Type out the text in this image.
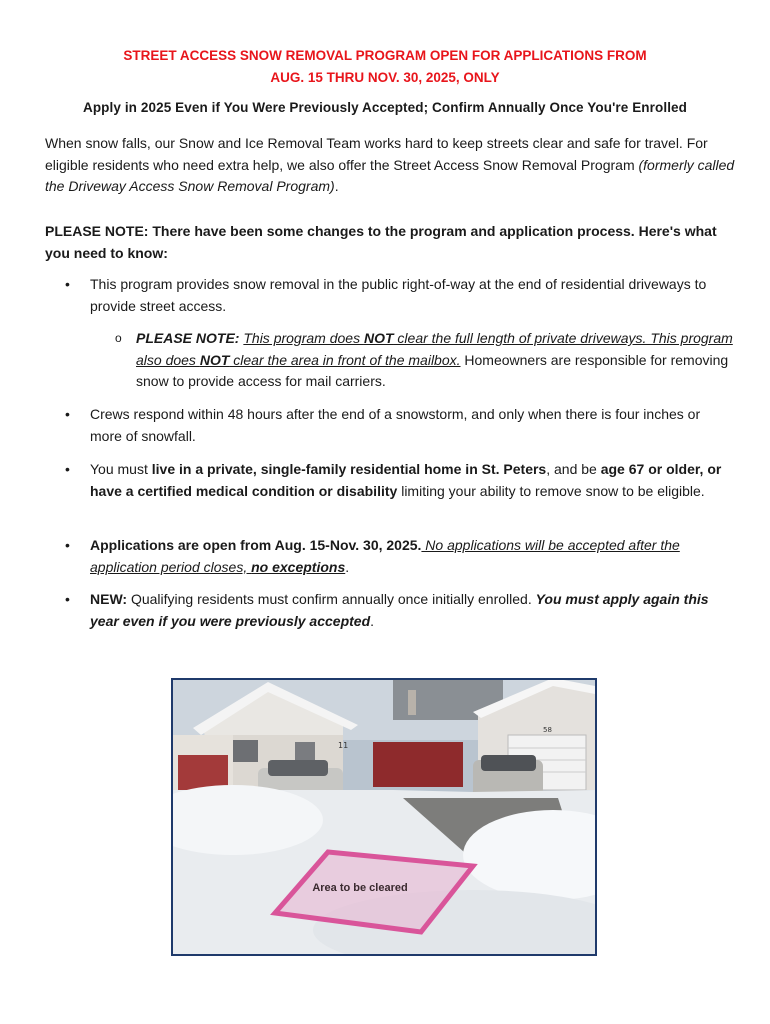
STREET ACCESS SNOW REMOVAL PROGRAM OPEN FOR APPLICATIONS FROM
AUG. 15 THRU NOV. 30, 2025, ONLY
Apply in 2025 Even if You Were Previously Accepted; Confirm Annually Once You're Enrolled

When snow falls, our Snow and Ice Removal Team works hard to keep streets clear and safe for travel. For eligible residents who need extra help, we also offer the Street Access Snow Removal Program (formerly called the Driveway Access Snow Removal Program).

PLEASE NOTE: There have been some changes to the program and application process. Here's what you need to know:

• This program provides snow removal in the public right-of-way at the end of residential driveways to provide street access.
o PLEASE NOTE: This program does NOT clear the full length of private driveways. This program also does NOT clear the area in front of the mailbox. Homeowners are responsible for removing snow to provide access for mail carriers.
• Crews respond within 48 hours after the end of a snowstorm, and only when there is four inches or more of snowfall.
• You must live in a private, single-family residential home in St. Peters, and be age 67 or older, or have a certified medical condition or disability limiting your ability to remove snow to be eligible.
• Applications are open from Aug. 15-Nov. 30, 2025. No applications will be accepted after the application period closes, no exceptions.
• NEW: Qualifying residents must confirm annually once initially enrolled. You must apply again this year even if you were previously accepted.
11
58
Area to be cleared
